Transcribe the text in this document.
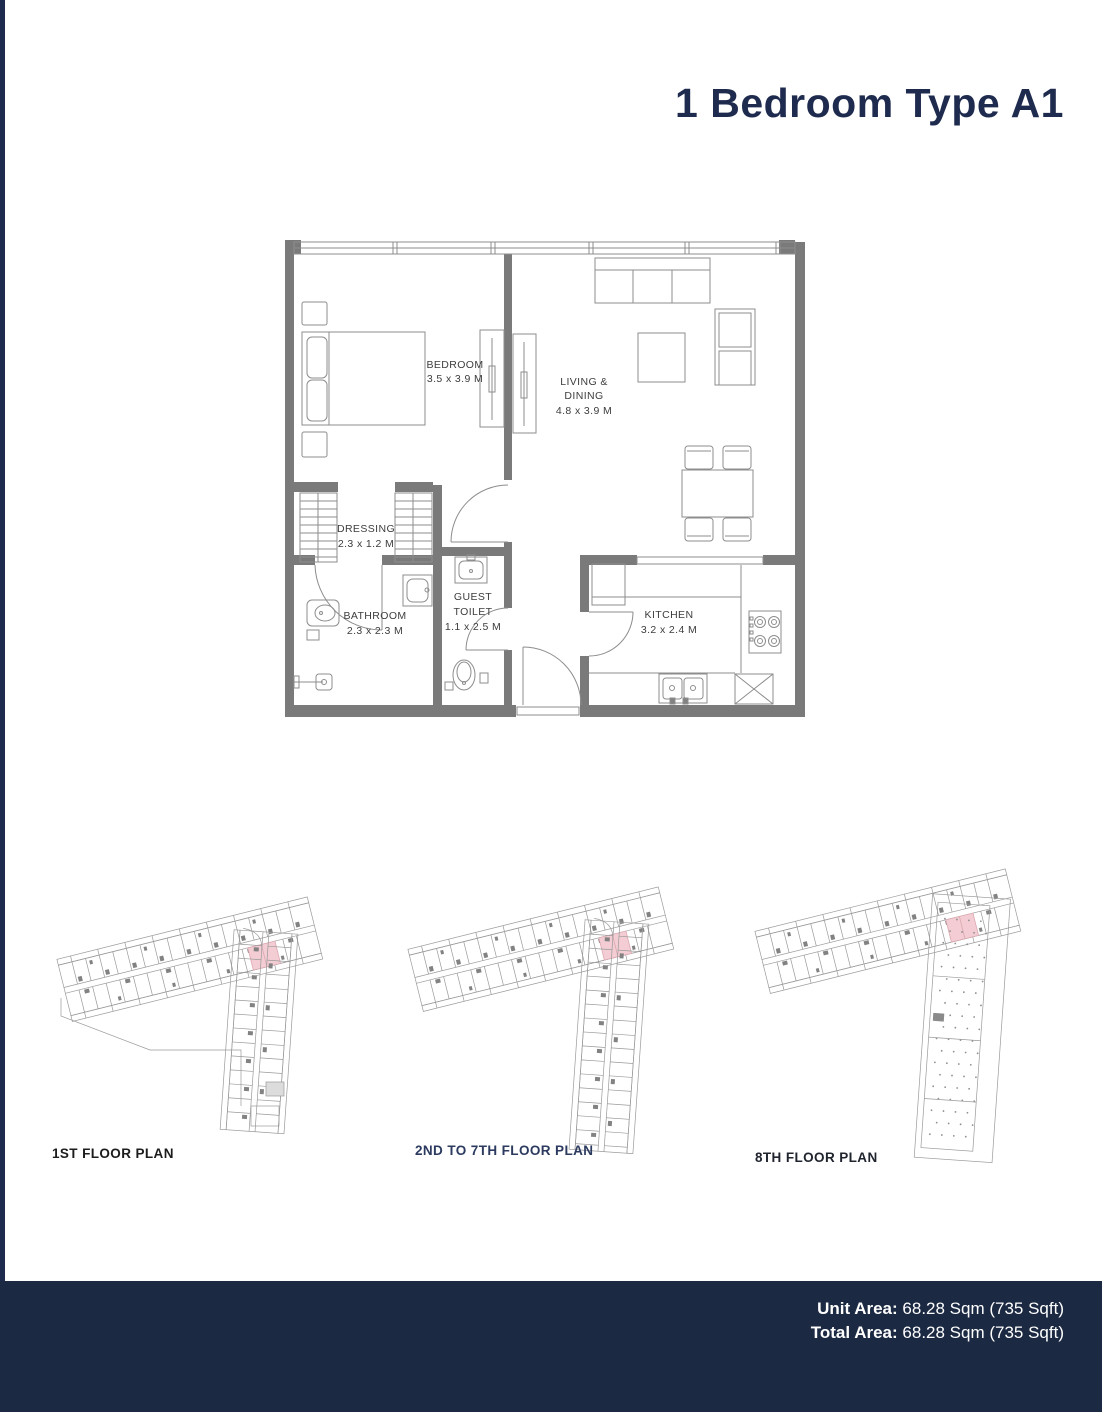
1 Bedroom Type A1
BEDROOM
3.5 x 3.9 M	LIVING &
DINING
4.8 x 3.9 M
DRESSING
2.3 x 1.2 M
BATHROOM
2.3 x 2.3 M
GUEST
TOILET
1.1 x 2.5 M
KITCHEN
3.2 x 2.4 M
1ST FLOOR PLAN	2ND TO 7TH FLOOR PLAN	8TH FLOOR PLAN
Unit Area: 68.28 Sqm (735 Sqft)
Total Area: 68.28 Sqm (735 Sqft)
